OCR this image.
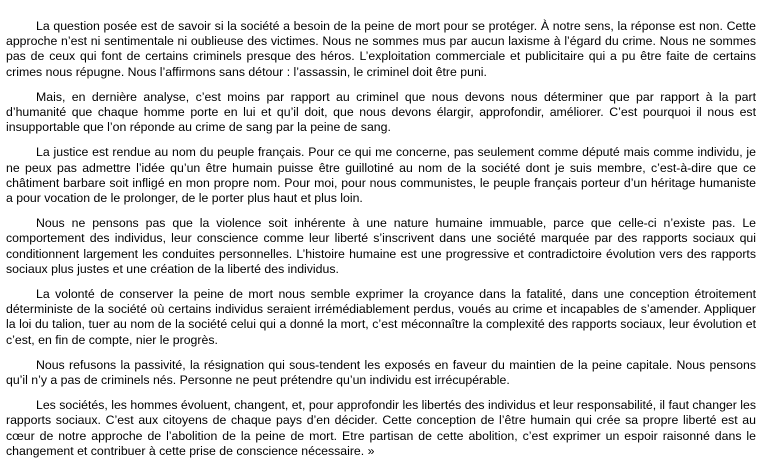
La question posée est de savoir si la société a besoin de la peine de mort pour se protéger. À notre sens, la réponse est non. Cette approche n’est ni sentimentale ni oublieuse des victimes. Nous ne sommes mus par aucun laxisme à l’égard du crime. Nous ne sommes pas de ceux qui font de certains criminels presque des héros. L’exploitation commerciale et publicitaire qui a pu être faite de certains crimes nous répugne. Nous l’affirmons sans détour : l’assassin, le criminel doit être puni.

Mais, en dernière analyse, c’est moins par rapport au criminel que nous devons nous déterminer que par rapport à la part d’humanité que chaque homme porte en lui et qu’il doit, que nous devons élargir, approfondir, améliorer. C’est pourquoi il nous est insupportable que l’on réponde au crime de sang par la peine de sang.

La justice est rendue au nom du peuple français. Pour ce qui me concerne, pas seulement comme député mais comme individu, je ne peux pas admettre l’idée qu’un être humain puisse être guillotiné au nom de la société dont je suis membre, c’est-à-dire que ce châtiment barbare soit infligé en mon propre nom. Pour moi, pour nous communistes, le peuple français porteur d’un héritage humaniste a pour vocation de le prolonger, de le porter plus haut et plus loin.

Nous ne pensons pas que la violence soit inhérente à une nature humaine immuable, parce que celle-ci n’existe pas. Le comportement des individus, leur conscience comme leur liberté s’inscrivent dans une société marquée par des rapports sociaux qui conditionnent largement les conduites personnelles. L’histoire humaine est une progressive et contradictoire évolution vers des rapports sociaux plus justes et une création de la liberté des individus.

La volonté de conserver la peine de mort nous semble exprimer la croyance dans la fatalité, dans une conception étroitement déterministe de la société où certains individus seraient irrémédiablement perdus, voués au crime et incapables de s’amender. Appliquer la loi du talion, tuer au nom de la société celui qui a donné la mort, c’est méconnaître la complexité des rapports sociaux, leur évolution et c’est, en fin de compte, nier le progrès.

Nous refusons la passivité, la résignation qui sous-tendent les exposés en faveur du maintien de la peine capitale. Nous pensons qu’il n’y a pas de criminels nés. Personne ne peut prétendre qu’un individu est irrécupérable.

Les sociétés, les hommes évoluent, changent, et, pour approfondir les libertés des individus et leur responsabilité, il faut changer les rapports sociaux. C’est aux citoyens de chaque pays d’en décider. Cette conception de l’être humain qui crée sa propre liberté est au cœur de notre approche de l’abolition de la peine de mort. Etre partisan de cette abolition, c’est exprimer un espoir raisonné dans le changement et contribuer à cette prise de conscience nécessaire. »
